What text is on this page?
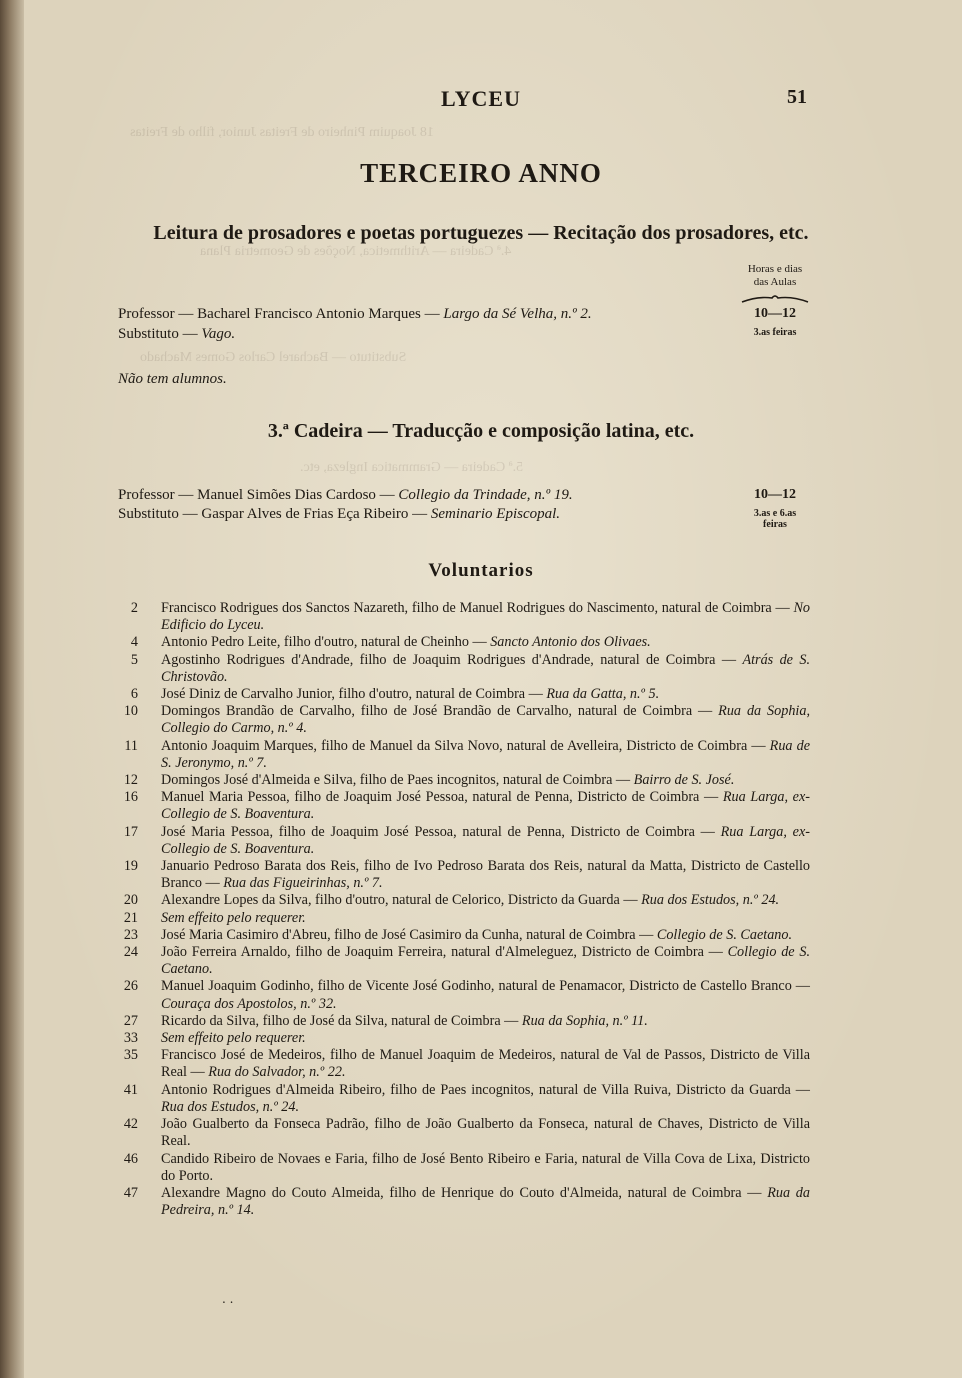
18 Joaquim Pinheiro de Freitas Junior, filho de Freitas
4.ª Cadeira — Arithmetica, Noções de Geometria Plana
Substituto — Bacharel Carlos Gomes Machado
5.ª Cadeira — Grammatica Ingleza, etc.
LYCEU	51
TERCEIRO ANNO
Leitura de prosadores e poetas portuguezes — Recitação dos prosadores, etc.
Horas e dias
das Aulas
Professor — Bacharel Francisco Antonio Marques — Largo da Sé Velha, n.º 2.	10—12
Substituto — Vago.	3.as feiras
Não tem alumnos.
3.ª Cadeira — Traducção e composição latina, etc.
Professor — Manuel Simões Dias Cardoso — Collegio da Trindade, n.º 19.	10—12
Substituto — Gaspar Alves de Frias Eça Ribeiro — Seminario Episcopal.	3.as e 6.as
feiras
Voluntarios
2 Francisco Rodrigues dos Sanctos Nazareth, filho de Manuel Rodrigues do Nascimento, natural de Coimbra — No Edificio do Lyceu.
4 Antonio Pedro Leite, filho d'outro, natural de Cheinho — Sancto Antonio dos Olivaes.
5 Agostinho Rodrigues d'Andrade, filho de Joaquim Rodrigues d'Andrade, natural de Coimbra — Atrás de S. Christovão.
6 José Diniz de Carvalho Junior, filho d'outro, natural de Coimbra — Rua da Gatta, n.º 5.
10 Domingos Brandão de Carvalho, filho de José Brandão de Carvalho, natural de Coimbra — Rua da Sophia, Collegio do Carmo, n.º 4.
11 Antonio Joaquim Marques, filho de Manuel da Silva Novo, natural de Avelleira, Districto de Coimbra — Rua de S. Jeronymo, n.º 7.
12 Domingos José d'Almeida e Silva, filho de Paes incognitos, natural de Coimbra — Bairro de S. José.
16 Manuel Maria Pessoa, filho de Joaquim José Pessoa, natural de Penna, Districto de Coimbra — Rua Larga, ex-Collegio de S. Boaventura.
17 José Maria Pessoa, filho de Joaquim José Pessoa, natural de Penna, Districto de Coimbra — Rua Larga, ex-Collegio de S. Boaventura.
19 Januario Pedroso Barata dos Reis, filho de Ivo Pedroso Barata dos Reis, natural da Matta, Districto de Castello Branco — Rua das Figueirinhas, n.º 7.
20 Alexandre Lopes da Silva, filho d'outro, natural de Celorico, Districto da Guarda — Rua dos Estudos, n.º 24.
21 Sem effeito pelo requerer.
23 José Maria Casimiro d'Abreu, filho de José Casimiro da Cunha, natural de Coimbra — Collegio de S. Caetano.
24 João Ferreira Arnaldo, filho de Joaquim Ferreira, natural d'Almeleguez, Districto de Coimbra — Collegio de S. Caetano.
26 Manuel Joaquim Godinho, filho de Vicente José Godinho, natural de Penamacor, Districto de Castello Branco — Couraça dos Apostolos, n.º 32.
27 Ricardo da Silva, filho de José da Silva, natural de Coimbra — Rua da Sophia, n.º 11.
33 Sem effeito pelo requerer.
35 Francisco José de Medeiros, filho de Manuel Joaquim de Medeiros, natural de Val de Passos, Districto de Villa Real — Rua do Salvador, n.º 22.
41 Antonio Rodrigues d'Almeida Ribeiro, filho de Paes incognitos, natural de Villa Ruiva, Districto da Guarda — Rua dos Estudos, n.º 24.
42 João Gualberto da Fonseca Padrão, filho de João Gualberto da Fonseca, natural de Chaves, Districto de Villa Real.
46 Candido Ribeiro de Novaes e Faria, filho de José Bento Ribeiro e Faria, natural de Villa Cova de Lixa, Districto do Porto.
47 Alexandre Magno do Couto Almeida, filho de Henrique do Couto d'Almeida, natural de Coimbra — Rua da Pedreira, n.º 14.
. .
